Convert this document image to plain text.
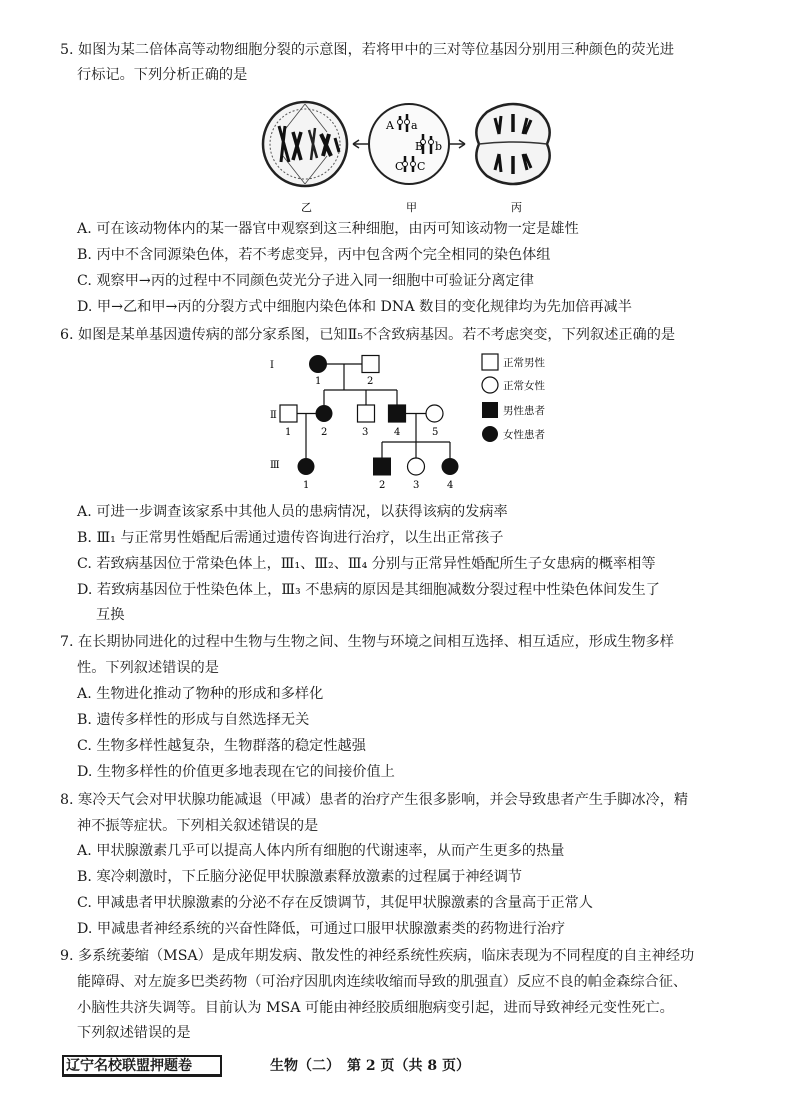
5. 如图为某二倍体高等动物细胞分裂的示意图，若将甲中的三对等位基因分别用三种颜色的荧光进
行标记。下列分析正确的是
A a
B b
C C
乙	甲	丙
A. 可在该动物体内的某一器官中观察到这三种细胞，由丙可知该动物一定是雄性
B. 丙中不含同源染色体，若不考虑变异，丙中包含两个完全相同的染色体组
C. 观察甲→丙的过程中不同颜色荧光分子进入同一细胞中可验证分离定律
D. 甲→乙和甲→丙的分裂方式中细胞内染色体和 DNA 数目的变化规律均为先加倍再减半
6. 如图是某单基因遗传病的部分家系图，已知Ⅱ₅不含致病基因。若不考虑突变，下列叙述正确的是
Ⅰ
Ⅱ
Ⅲ
1	2
1	2	3	4	5
1	2	3	4
正常男性
正常女性
男性患者
女性患者
A. 可进一步调查该家系中其他人员的患病情况，以获得该病的发病率
B. Ⅲ₁ 与正常男性婚配后需通过遗传咨询进行治疗，以生出正常孩子
C. 若致病基因位于常染色体上，Ⅲ₁、Ⅲ₂、Ⅲ₄ 分别与正常异性婚配所生子女患病的概率相等
D. 若致病基因位于性染色体上，Ⅲ₃ 不患病的原因是其细胞减数分裂过程中性染色体间发生了
互换
7. 在长期协同进化的过程中生物与生物之间、生物与环境之间相互选择、相互适应，形成生物多样
性。下列叙述错误的是
A. 生物进化推动了物种的形成和多样化
B. 遗传多样性的形成与自然选择无关
C. 生物多样性越复杂，生物群落的稳定性越强
D. 生物多样性的价值更多地表现在它的间接价值上
8. 寒冷天气会对甲状腺功能减退（甲减）患者的治疗产生很多影响，并会导致患者产生手脚冰冷，精
神不振等症状。下列相关叙述错误的是
A. 甲状腺激素几乎可以提高人体内所有细胞的代谢速率，从而产生更多的热量
B. 寒冷刺激时，下丘脑分泌促甲状腺激素释放激素的过程属于神经调节
C. 甲减患者甲状腺激素的分泌不存在反馈调节，其促甲状腺激素的含量高于正常人
D. 甲减患者神经系统的兴奋性降低，可通过口服甲状腺激素类的药物进行治疗
9. 多系统萎缩（MSA）是成年期发病、散发性的神经系统性疾病，临床表现为不同程度的自主神经功
能障碍、对左旋多巴类药物（可治疗因肌肉连续收缩而导致的肌强直）反应不良的帕金森综合征、
小脑性共济失调等。目前认为 MSA 可能由神经胶质细胞病变引起，进而导致神经元变性死亡。
下列叙述错误的是
辽宁名校联盟押题卷	生物（二）　第 2 页（共 8 页）
